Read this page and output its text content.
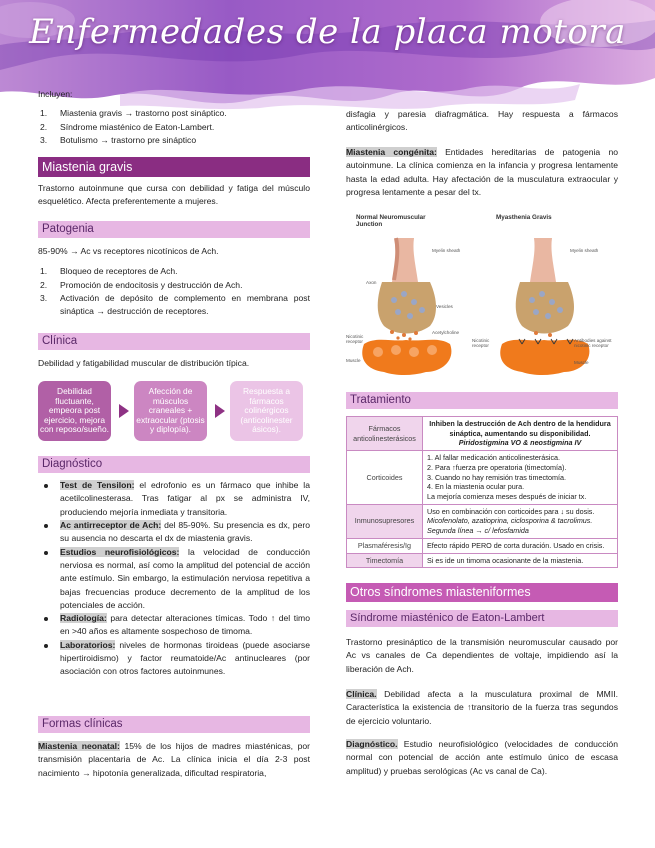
Enfermedades de la placa motora
Incluyen:
1. Miastenia gravis → trastorno post sináptico.
2. Síndrome miasténico de Eaton-Lambert.
3. Botulismo → trastorno pre sináptico
Miastenia gravis

Trastorno autoinmune que cursa con debilidad y fatiga del músculo esquelético. Afecta preferentemente a mujeres.

Patogenia
85-90% → Ac vs receptores nicotínicos de Ach.
1. Bloqueo de receptores de Ach.
2. Promoción de endocitosis y destrucción de Ach.
3. Activación de depósito de complemento en membrana post sináptica → destrucción de receptores.
Clínica
Debilidad y fatigabilidad muscular de distribución típica.
Debilidad fluctuante, empeora post ejercicio, mejora con reposo/sueño.
Afección de músculos craneales + extraocular (ptosis y diplopía).
Respuesta a fármacos colinérgicos (anticolinester ásicos).
Diagnóstico
Test de Tensilon: el edrofonio es un fármaco que inhibe la acetilcolinesterasa. Tras fatigar al px se administra IV, produciendo mejoría inmediata y transitoria.
Ac antirreceptor de Ach: del 85-90%. Su presencia es dx, pero su ausencia no descarta el dx de miastenia gravis.
Estudios neurofisiológicos: la velocidad de conducción nerviosa es normal, así como la amplitud del potencial de acción ante estímulo. Sin embargo, la estimulación nerviosa repetitiva a bajas frecuencias produce decremento de la amplitud de los potenciales de acción.
Radiología: para detectar alteraciones tímicas. Todo ↑ del timo en >40 años es altamente sospechoso de timoma.
Laboratorios: niveles de hormonas tiroideas (puede asociarse hipertiroidismo) y factor reumatoide/Ac antinucleares (por asociación con otros factores autoinmunes.
Formas clínicas

Miastenia neonatal: 15% de los hijos de madres miasténicas, por transmisión placentaria de Ac. La clínica inicia el día 2-3 post nacimiento → hipotonía generalizada, dificultad respiratoria,

disfagia y paresia diafragmática. Hay respuesta a fármacos anticolinérgicos.

Miastenia congénita: Entidades hereditarias de patogenia no autoinmune. La clínica comienza en la infancia y progresa lentamente hasta la edad adulta. Hay afectación de la musculatura extraocular y progresa lentamente a pesar del tx.

Normal Neuromuscular Junction
Myasthenia Gravis
Myelin sheath
Axon
Vesicles
Acetylcholine
Nicotinic receptor
Muscle
Myelin sheath
Nicotinic receptor
Antibodies against nicotinic receptor
Muscle
Tratamiento
Fármacos anticolinesterásicos	Inhiben la destrucción de Ach dentro de la hendidura sináptica, aumentando su disponibilidad.
Piridostigmina VO & neostigmina IV

Corticoides	1. Al fallar medicación anticolinesterásica.
2. Para ↑fuerza pre operatoria (timectomía).
3. Cuando no hay remisión tras timectomía.
4. En la miastenia ocular pura.
La mejoría comienza meses después de iniciar tx.

Inmunosupresores	Uso en combinación con corticoides para ↓ su dosis.
Micofenolato, azatioprina, ciclosporina & tacrolimus.
Segunda línea → c/ lefosfamida

Plasmaféresis/Ig	Efecto rápido PERO de corta duración. Usado en crisis.

Timectomía	Si es ide un timoma ocasionante de la miastenia.
Otros síndromes miasteniformes
Síndrome miasténico de Eaton-Lambert

Trastorno presináptico de la transmisión neuromuscular causado por Ac vs canales de Ca dependientes de voltaje, impidiendo así la liberación de Ach.

Clínica. Debilidad afecta a la musculatura proximal de MMII. Característica la existencia de ↑transitorio de la fuerza tras segundos de ejercicio voluntario.

Diagnóstico. Estudio neurofisiológico (velocidades de conducción normal con potencial de acción ante estímulo único de escasa amplitud) y pruebas serológicas (Ac vs canal de Ca).
